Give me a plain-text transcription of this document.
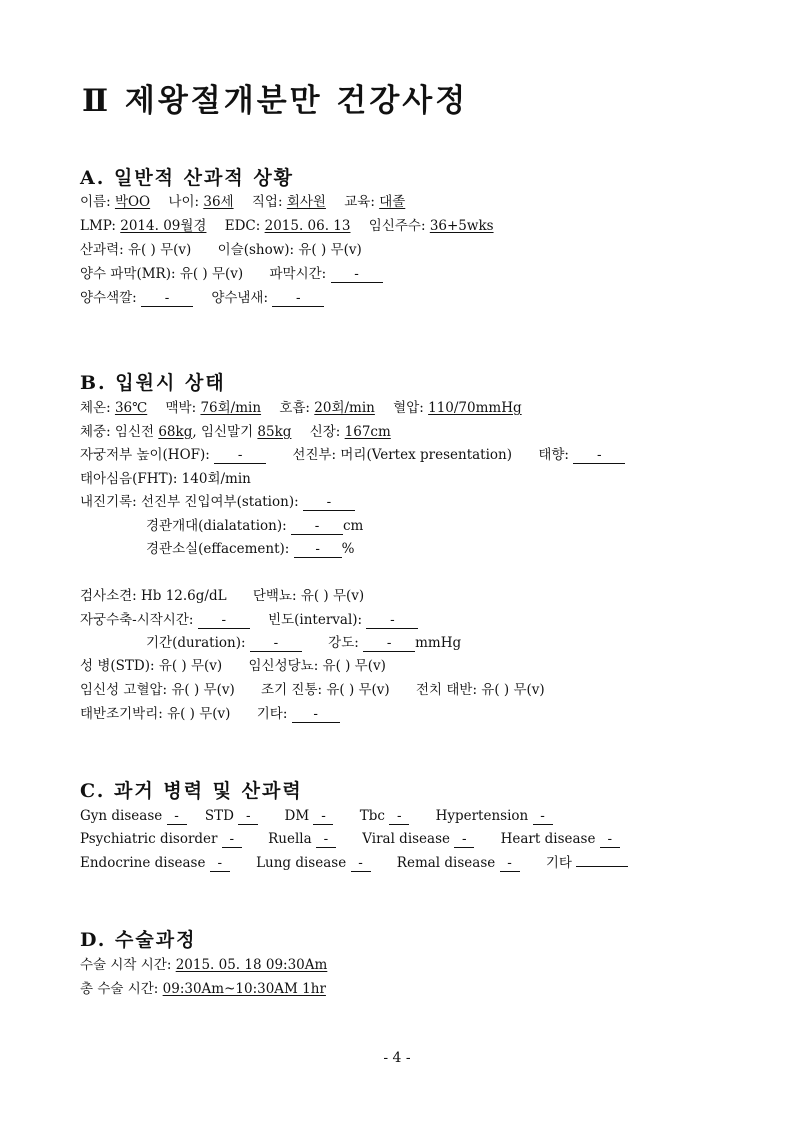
Ⅱ 제왕절개분만 건강사정
A. 일반적 산과적 상황
이름: 박OO 나이: 36세 직업: 회사원 교육: 대졸
LMP: 2014. 09월경 EDC: 2015. 06. 13 임신주수: 36+5wks
산과력: 유( ) 무(v) 이슬(show): 유( ) 무(v)
양수 파막(MR): 유( ) 무(v) 파막시간: -
양수색깔: -	양수냄새: -
B. 입원시 상태
체온: 36℃ 맥박: 76회/min 호흡: 20회/min 혈압: 110/70mmHg
체중: 임신전 68kg, 임신말기 85kg 신장: 167cm
자궁저부 높이(HOF): -	선진부: 머리(Vertex presentation) 태향: -
태아심음(FHT): 140회/min
내진기록: 선진부 진입여부(station): -
경관개대(dialatation): - cm
경관소실(effacement): - %
검사소견: Hb 12.6g/dL 단백뇨: 유( ) 무(v)
자궁수축-시작시간: -	빈도(interval): -
기간(duration): -	강도: - mmHg
성 병(STD): 유( ) 무(v) 임신성당뇨: 유( ) 무(v)
임신성 고혈압: 유( ) 무(v) 조기 진통: 유( ) 무(v) 전치 태반: 유( ) 무(v)
태반조기박리: 유( ) 무(v) 기타: -
C. 과거 병력 및 산과력
Gyn disease - STD -	DM -	Tbc -	Hypertension -
Psychiatric disorder -	Ruella -	Viral disease -	Heart disease -
Endocrine disease -	Lung disease -	Remal disease -	기타
D. 수술과정
수술 시작 시간: 2015. 05. 18 09:30Am
총 수술 시간: 09:30Am~10:30AM 1hr
- 4 -
